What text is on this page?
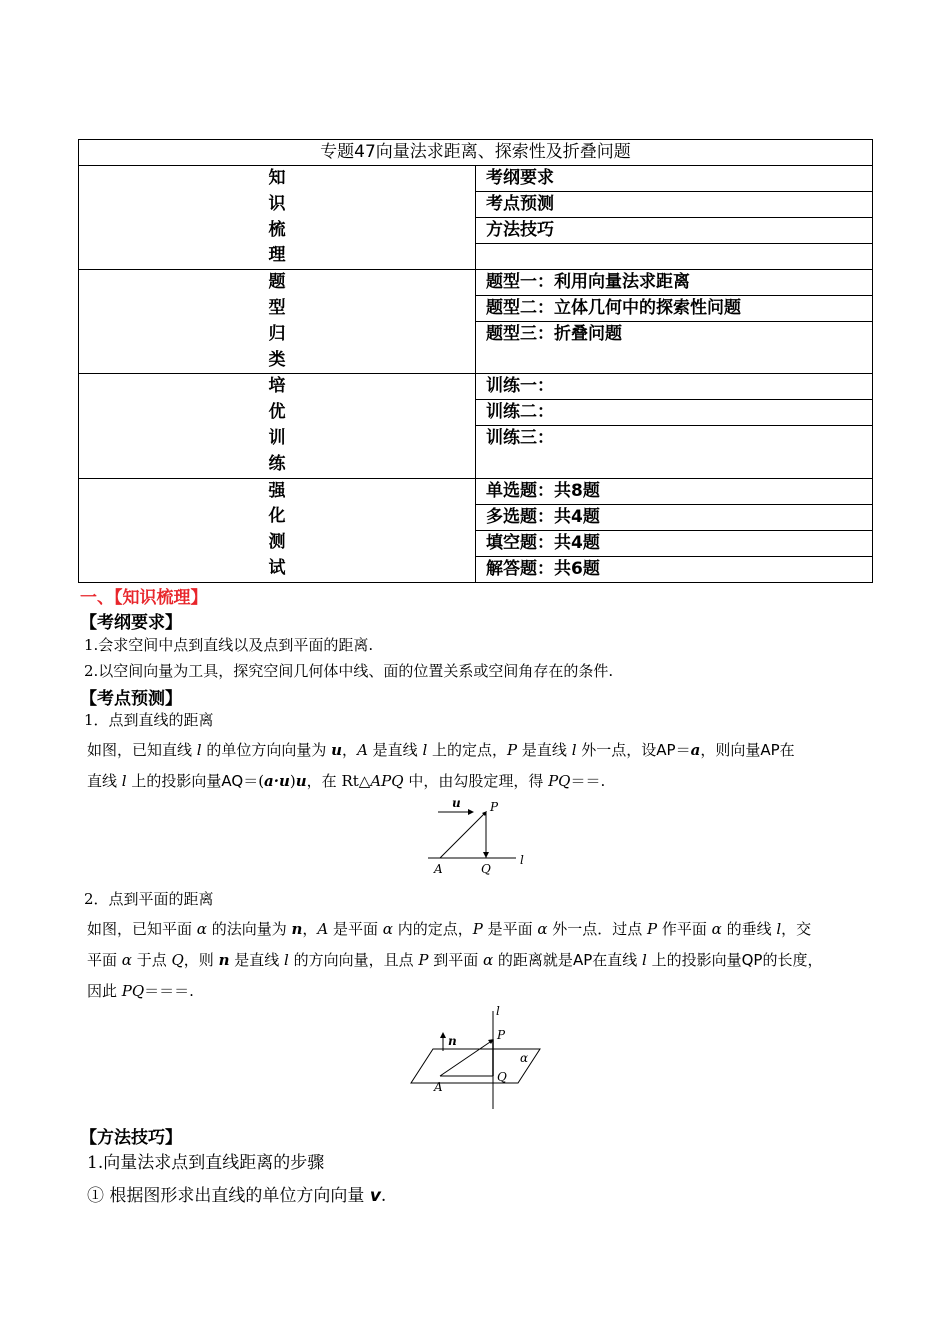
专题47向量法求距离、探索性及折叠问题	

知
识
梳
理	考纲要求
	考点预测
	方法技巧

题
型
归
类	题型一：利用向量法求距离
	题型二：立体几何中的探索性问题
	题型三：折叠问题

培
优
训
练	训练一：
	训练二：
	训练三：

强
化
测
试	单选题：共8题
	多选题：共4题
	填空题：共4题
	解答题：共6题
一、【知识梳理】
【考纲要求】
1.会求空间中点到直线以及点到平面的距离.
2.以空间向量为工具，探究空间几何体中线、面的位置关系或空间角存在的条件.
【考点预测】
1．点到直线的距离
如图，已知直线 l 的单位方向向量为 u，A 是直线 l 上的定点，P 是直线 l 外一点，设AP＝a，则向量AP在
直线 l 上的投影向量AQ＝(a·u)u，在 Rt△APQ 中，由勾股定理，得 PQ＝＝.
u P
A	Q
l
2．点到平面的距离
如图，已知平面 α 的法向量为 n，A 是平面 α 内的定点，P 是平面 α 外一点．过点 P 作平面 α 的垂线 l，交
平面 α 于点 Q，则 n 是直线 l 的方向向量，且点 P 到平面 α 的距离就是AP在直线 l 上的投影向量QP的长度，
因此 PQ＝＝＝.
l
n	P
α
A
Q
【方法技巧】
1.向量法求点到直线距离的步骤
① 根据图形求出直线的单位方向向量 v.
